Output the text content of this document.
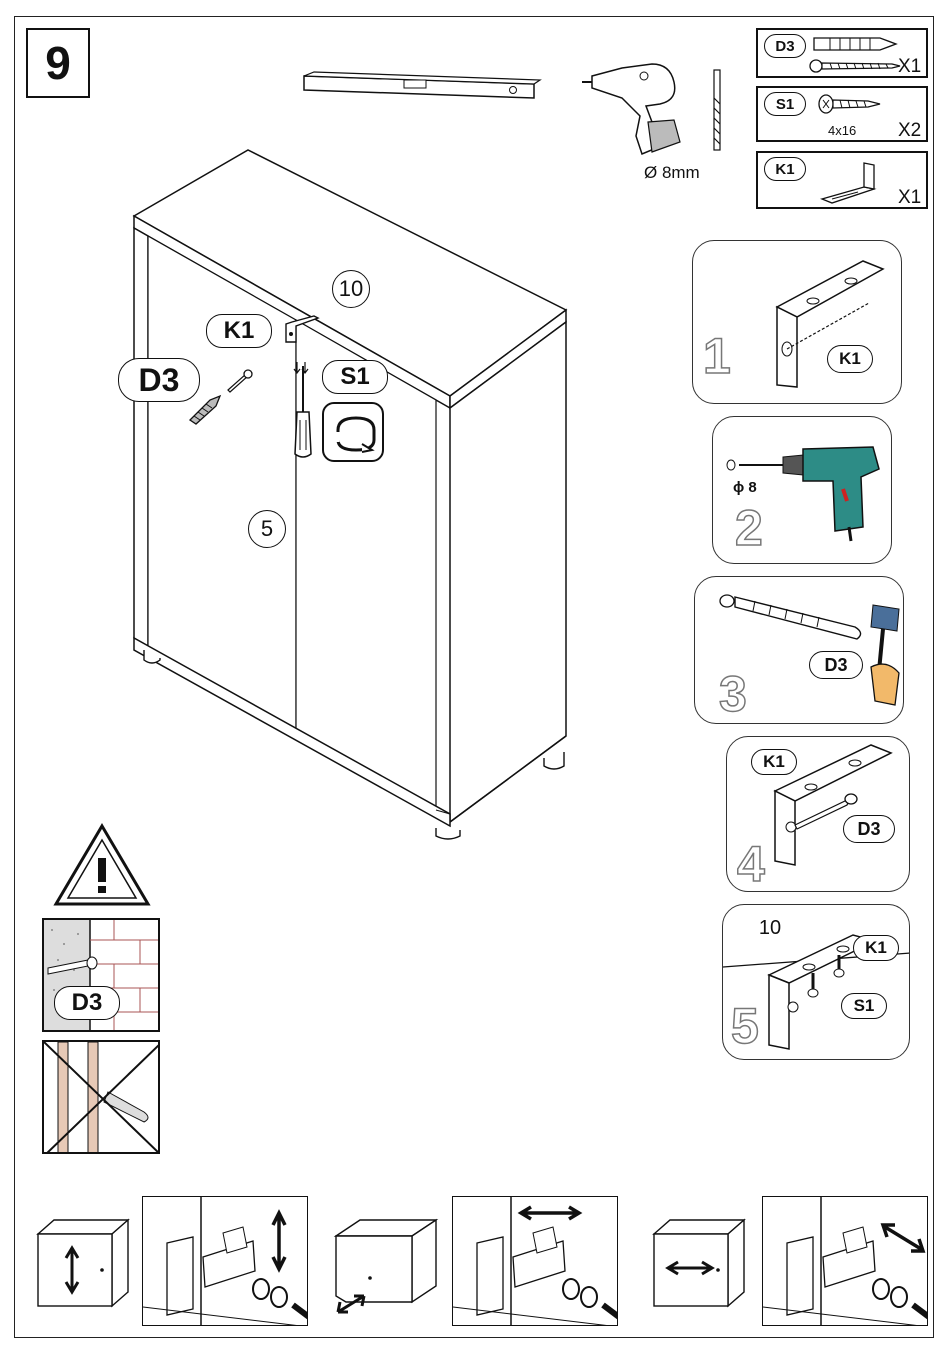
9
Ø 8mm
D3
X1
S1
4x16 X2
K1
X1
K1
D3	S1
10
5
1	K1
ϕ 8
2
3
D3
K1
D3
4
10
K1
S1
5
D3
